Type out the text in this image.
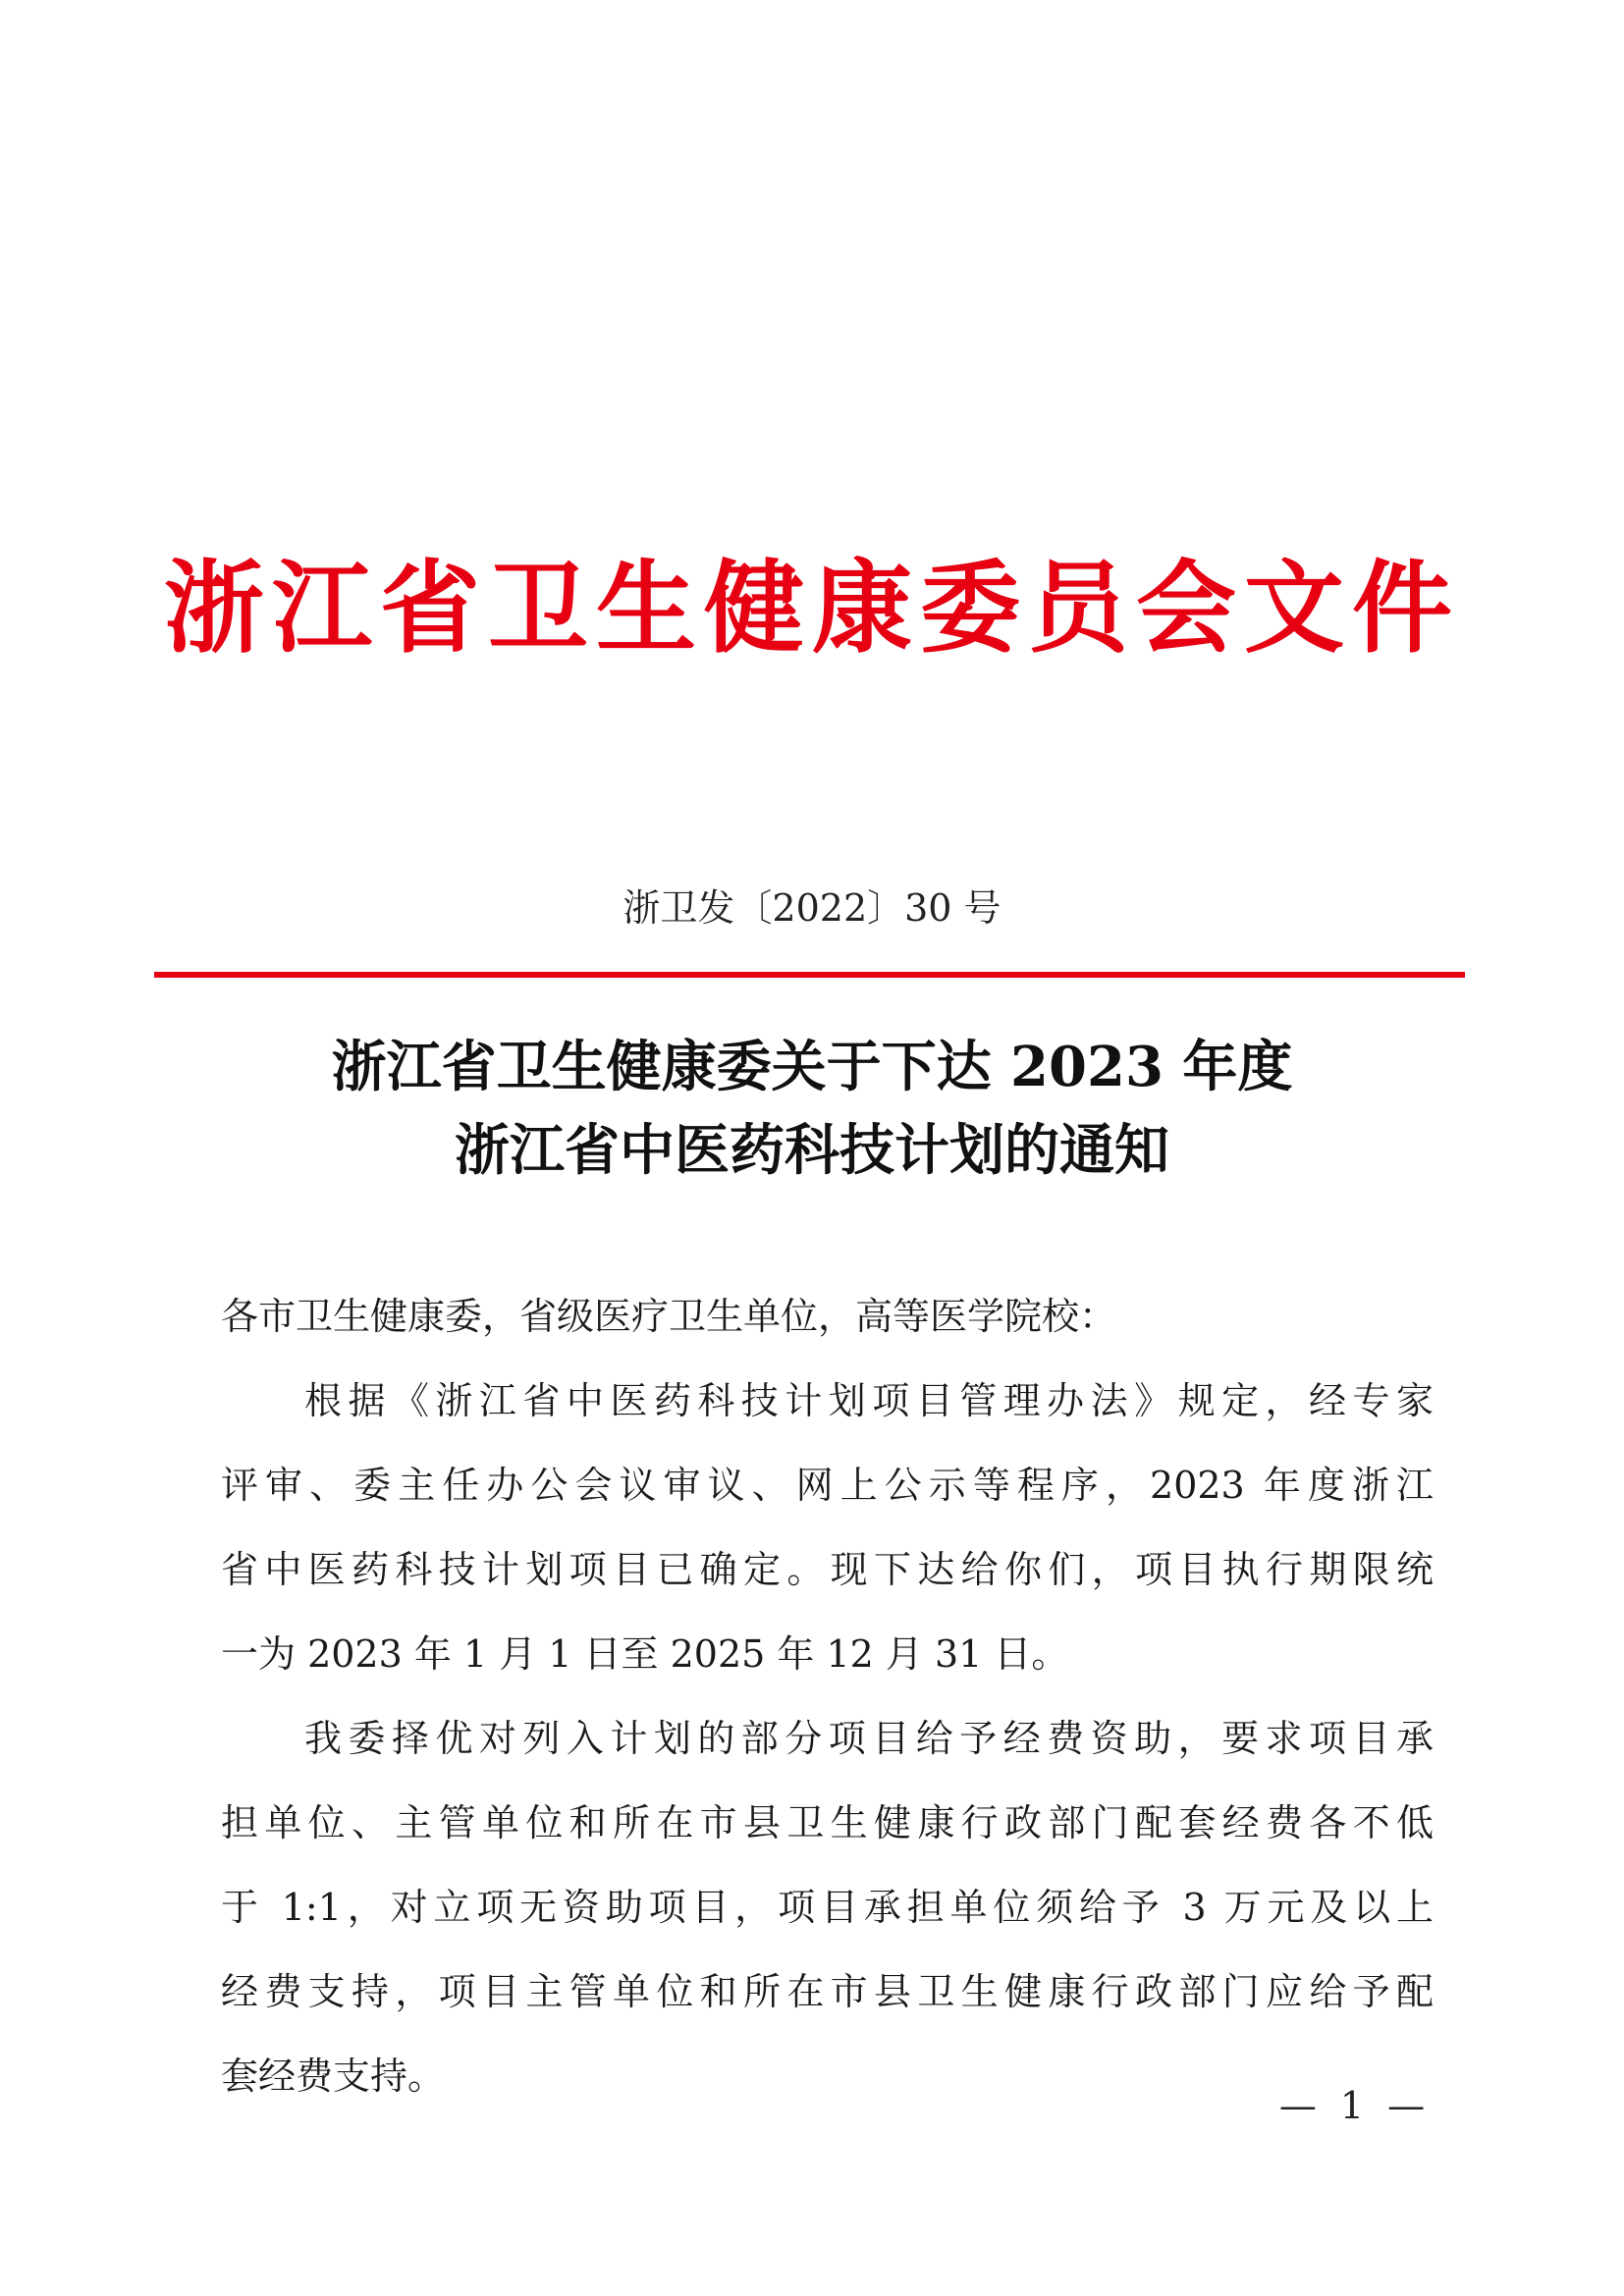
浙江省卫生健康委员会文件
浙卫发〔2022〕30 号
浙江省卫生健康委关于下达 2023 年度
浙江省中医药科技计划的通知
各市卫生健康委，省级医疗卫生单位，高等医学院校：
根据《浙江省中医药科技计划项目管理办法》规定，经专家
评审、委主任办公会议审议、网上公示等程序，2023 年度浙江
省中医药科技计划项目已确定。现下达给你们，项目执行期限统
一为 2023 年 1 月 1 日至 2025 年 12 月 31 日。
我委择优对列入计划的部分项目给予经费资助，要求项目承
担单位、主管单位和所在市县卫生健康行政部门配套经费各不低
于 1:1，对立项无资助项目，项目承担单位须给予 3 万元及以上
经费支持，项目主管单位和所在市县卫生健康行政部门应给予配
套经费支持。
— 1 —
